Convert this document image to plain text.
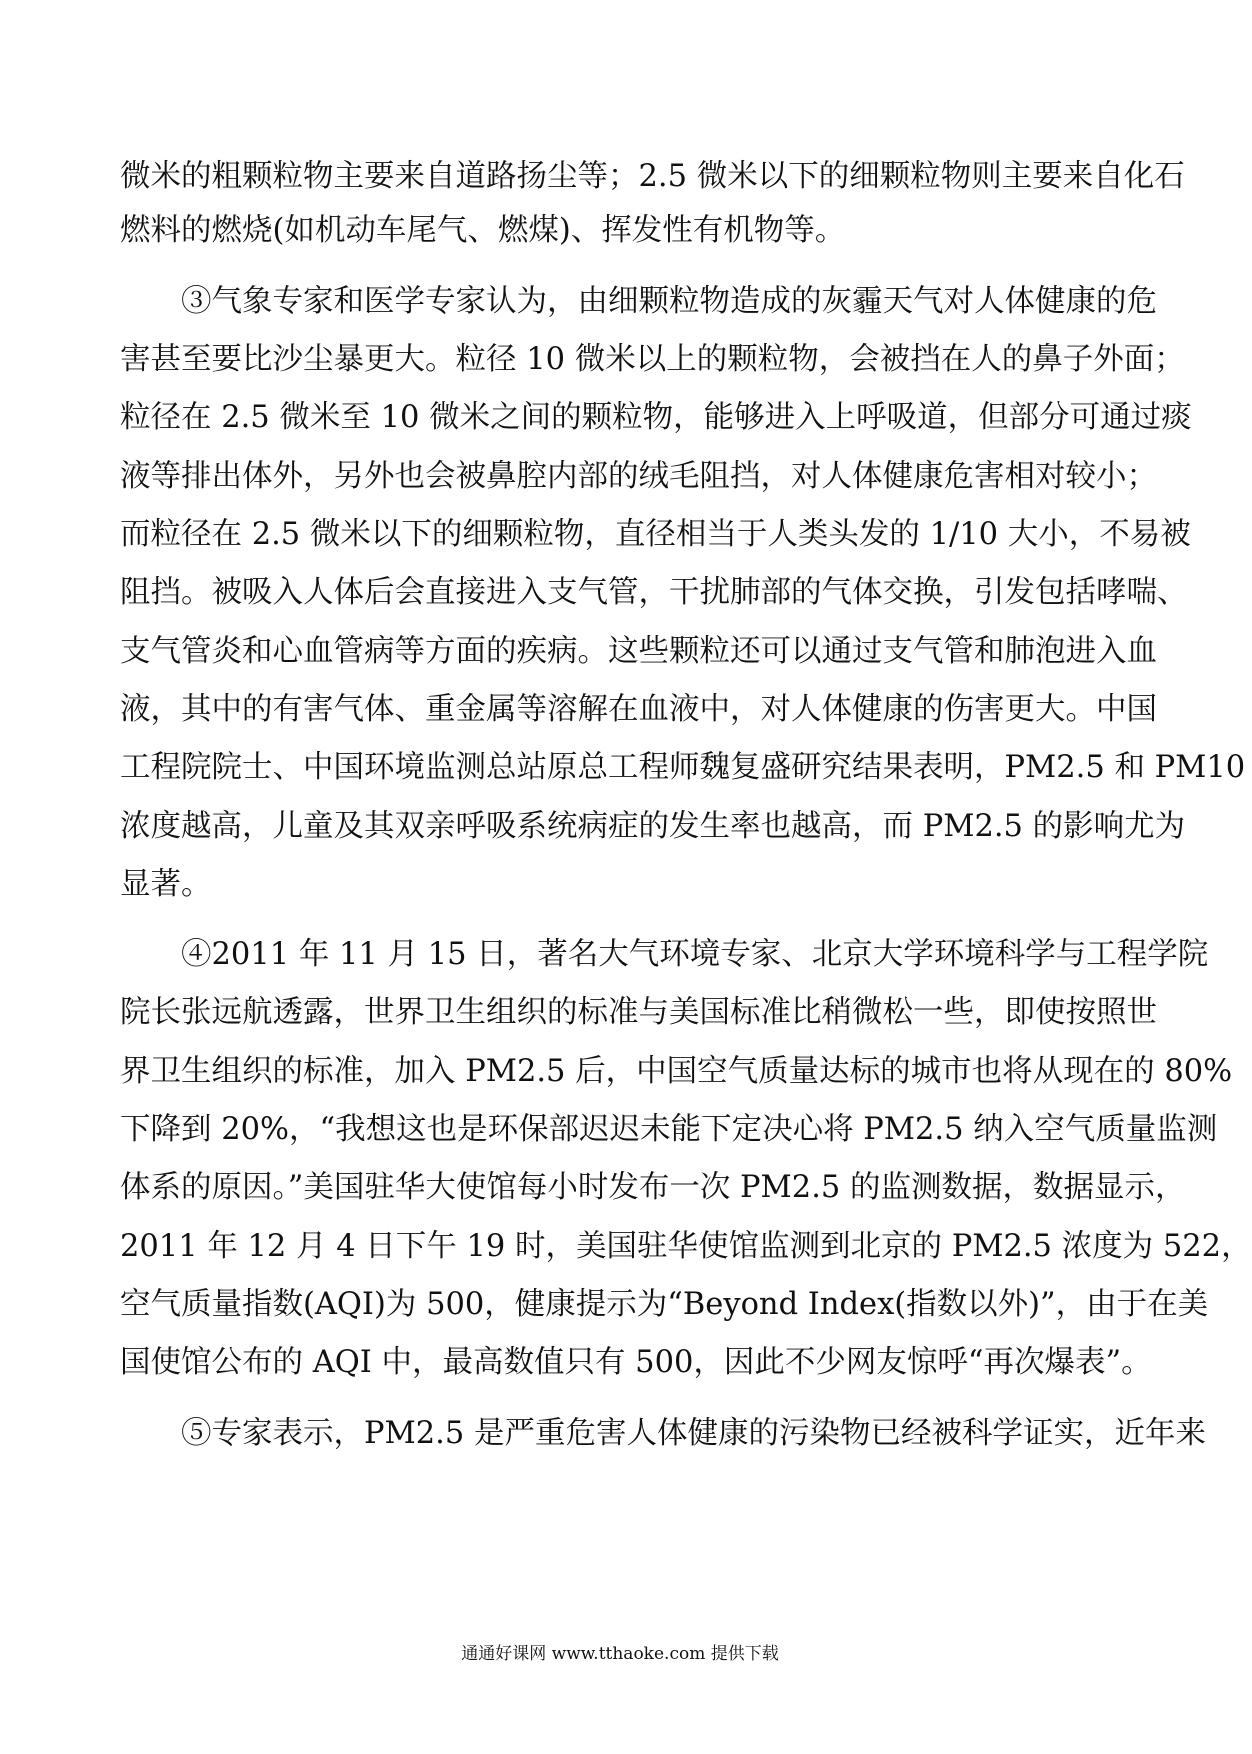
微米的粗颗粒物主要来自道路扬尘等；2.5 微米以下的细颗粒物则主要来自化石
燃料的燃烧(如机动车尾气、燃煤)、挥发性有机物等。
　　③气象专家和医学专家认为，由细颗粒物造成的灰霾天气对人体健康的危
害甚至要比沙尘暴更大。粒径 10 微米以上的颗粒物，会被挡在人的鼻子外面；
粒径在 2.5 微米至 10 微米之间的颗粒物，能够进入上呼吸道，但部分可通过痰
液等排出体外，另外也会被鼻腔内部的绒毛阻挡，对人体健康危害相对较小；
而粒径在 2.5 微米以下的细颗粒物，直径相当于人类头发的 1/10 大小，不易被
阻挡。被吸入人体后会直接进入支气管，干扰肺部的气体交换，引发包括哮喘、
支气管炎和心血管病等方面的疾病。这些颗粒还可以通过支气管和肺泡进入血
液，其中的有害气体、重金属等溶解在血液中，对人体健康的伤害更大。中国
工程院院士、中国环境监测总站原总工程师魏复盛研究结果表明，PM2.5 和 PM10
浓度越高，儿童及其双亲呼吸系统病症的发生率也越高，而 PM2.5 的影响尤为
显著。
　　④2011 年 11 月 15 日，著名大气环境专家、北京大学环境科学与工程学院
院长张远航透露，世界卫生组织的标准与美国标准比稍微松一些，即使按照世
界卫生组织的标准，加入 PM2.5 后，中国空气质量达标的城市也将从现在的 80%
下降到 20%，“我想这也是环保部迟迟未能下定决心将 PM2.5 纳入空气质量监测
体系的原因。”美国驻华大使馆每小时发布一次 PM2.5 的监测数据，数据显示，
2011 年 12 月 4 日下午 19 时，美国驻华使馆监测到北京的 PM2.5 浓度为 522，
空气质量指数(AQI)为 500，健康提示为“Beyond Index(指数以外)”，由于在美
国使馆公布的 AQI 中，最高数值只有 500，因此不少网友惊呼“再次爆表”。
　　⑤专家表示，PM2.5 是严重危害人体健康的污染物已经被科学证实，近年来
通通好课网 www.tthaoke.com 提供下载
